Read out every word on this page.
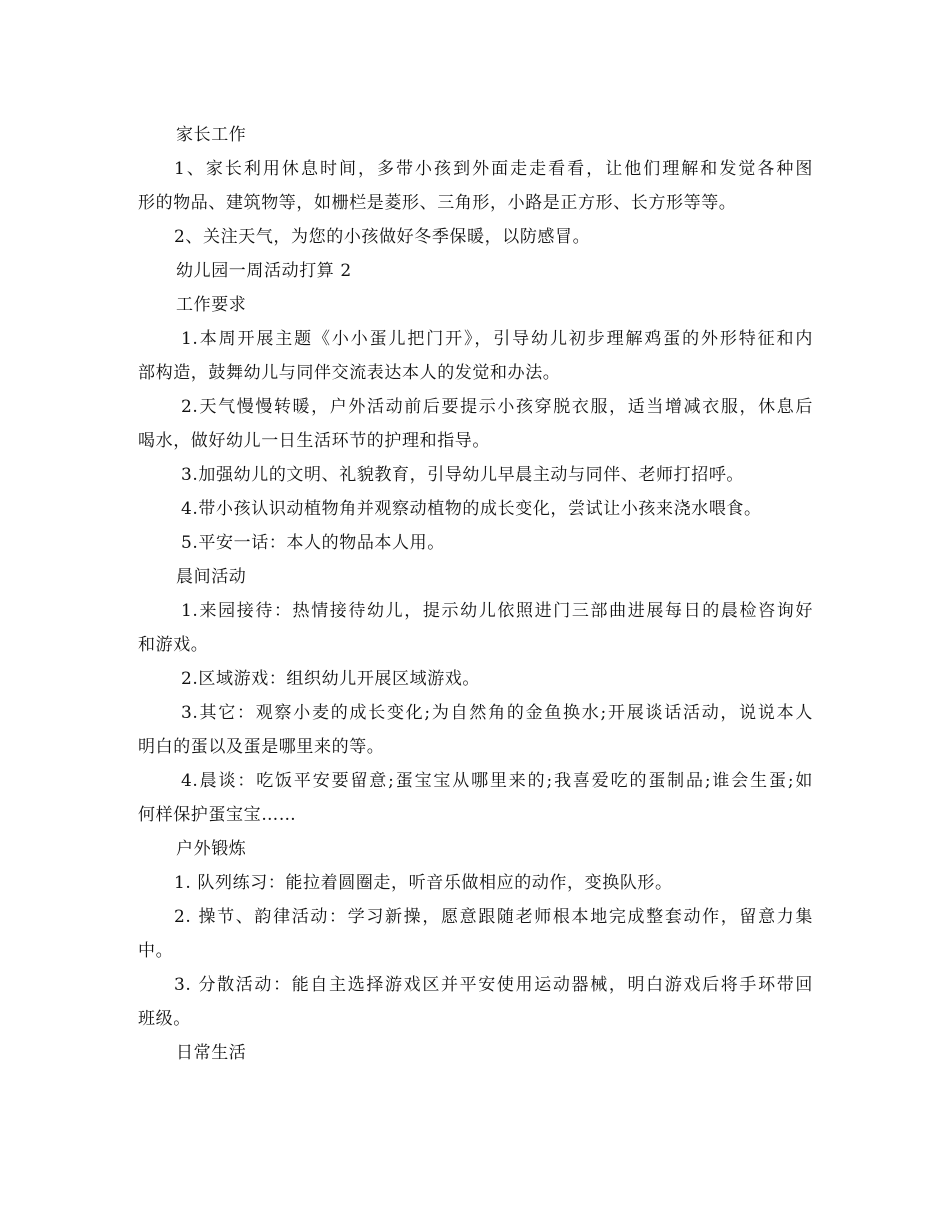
家长工作
1、家长利用休息时间，多带小孩到外面走走看看，让他们理解和发觉各种图
形的物品、建筑物等，如栅栏是菱形、三角形，小路是正方形、长方形等等。
2、关注天气，为您的小孩做好冬季保暖，以防感冒。
幼儿园一周活动打算 2
工作要求
1.本周开展主题《小小蛋儿把门开》，引导幼儿初步理解鸡蛋的外形特征和内
部构造，鼓舞幼儿与同伴交流表达本人的发觉和办法。
2.天气慢慢转暖，户外活动前后要提示小孩穿脱衣服，适当增减衣服，休息后
喝水，做好幼儿一日生活环节的护理和指导。
3.加强幼儿的文明、礼貌教育，引导幼儿早晨主动与同伴、老师打招呼。
4.带小孩认识动植物角并观察动植物的成长变化，尝试让小孩来浇水喂食。
5.平安一话：本人的物品本人用。
晨间活动
1.来园接待：热情接待幼儿，提示幼儿依照进门三部曲进展每日的晨检咨询好
和游戏。
2.区域游戏：组织幼儿开展区域游戏。
3.其它：观察小麦的成长变化;为自然角的金鱼换水;开展谈话活动，说说本人
明白的蛋以及蛋是哪里来的等。
4.晨谈：吃饭平安要留意;蛋宝宝从哪里来的;我喜爱吃的蛋制品;谁会生蛋;如
何样保护蛋宝宝……
户外锻炼
1. 队列练习：能拉着圆圈走，听音乐做相应的动作，变换队形。
2. 操节、韵律活动：学习新操，愿意跟随老师根本地完成整套动作，留意力集
中。
3. 分散活动：能自主选择游戏区并平安使用运动器械，明白游戏后将手环带回
班级。
日常生活
